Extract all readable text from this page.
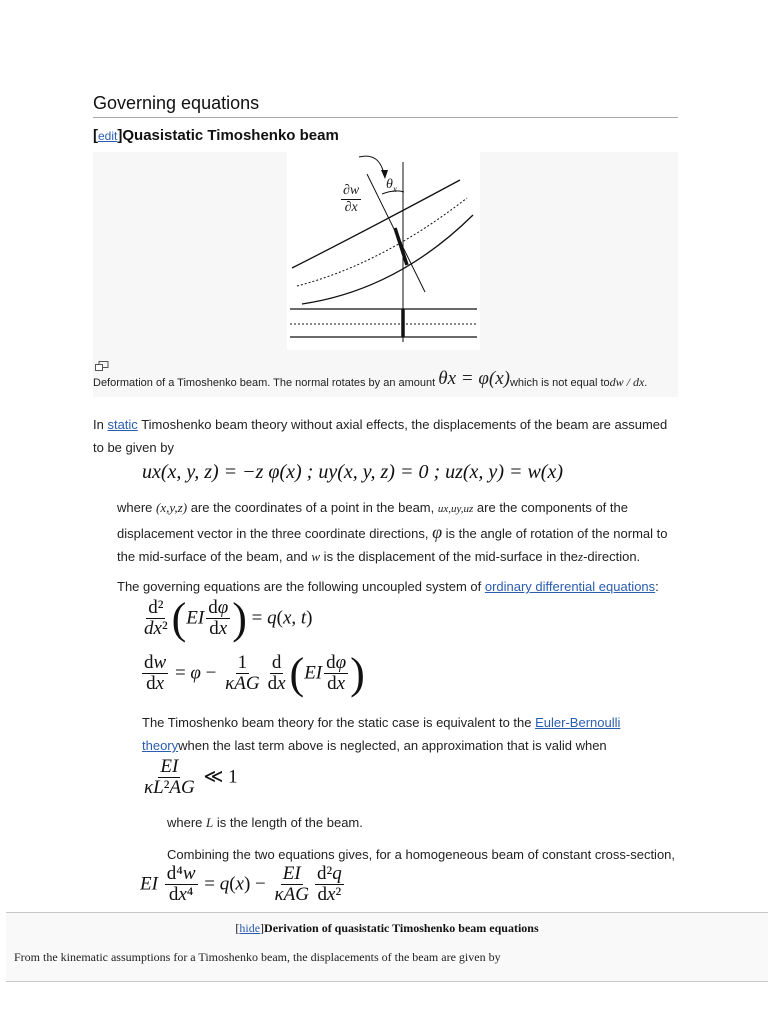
Governing equations
[edit]Quasistatic Timoshenko beam
$\frac{\partial w}{\partial x} \theta_x$
Deformation of a Timoshenko beam. The normal rotates by an amount θx = φ(x)which is not equal todw / dx.
In static Timoshenko beam theory without axial effects, the displacements of the beam are assumed to be given by
ux(x, y, z) = −z φ(x) ; uy(x, y, z) = 0 ; uz(x, y) = w(x)
where (x,y,z) are the coordinates of a point in the beam, ux,uy,uz are the components of the displacement vector in the three coordinate directions, φ is the angle of rotation of the normal to the mid-surface of the beam, and w is the displacement of the mid-surface in thez-direction.
The governing equations are the following uncoupled system of ordinary differential equations:
$\frac{\text{d²}}{\text{dx²}} (EI \frac{d\varphi}{dx}$ ) = q(x, t)
$\frac{dw}{dx} = \varphi - \frac{1}{\text{κAG}} \frac{d}{dx} (EI \frac{d\varphi}{dx}$ )
The Timoshenko beam theory for the static case is equivalent to the Euler-Bernoulli theorywhen the last term above is neglected, an approximation that is valid when
$\frac{EI}{\text{κL²AG}}$ ≪ 1
where L is the length of the beam.
Combining the two equations gives, for a homogeneous beam of constant cross-section,
EI $\frac{\text{d⁴w}}{\text{dx⁴}} = q(x) - \frac{EI}{\text{κAG}} \frac{\text{d²q}}{\text{dx²}}$
[hide]Derivation of quasistatic Timoshenko beam equations
From the kinematic assumptions for a Timoshenko beam, the displacements of the beam are given by
